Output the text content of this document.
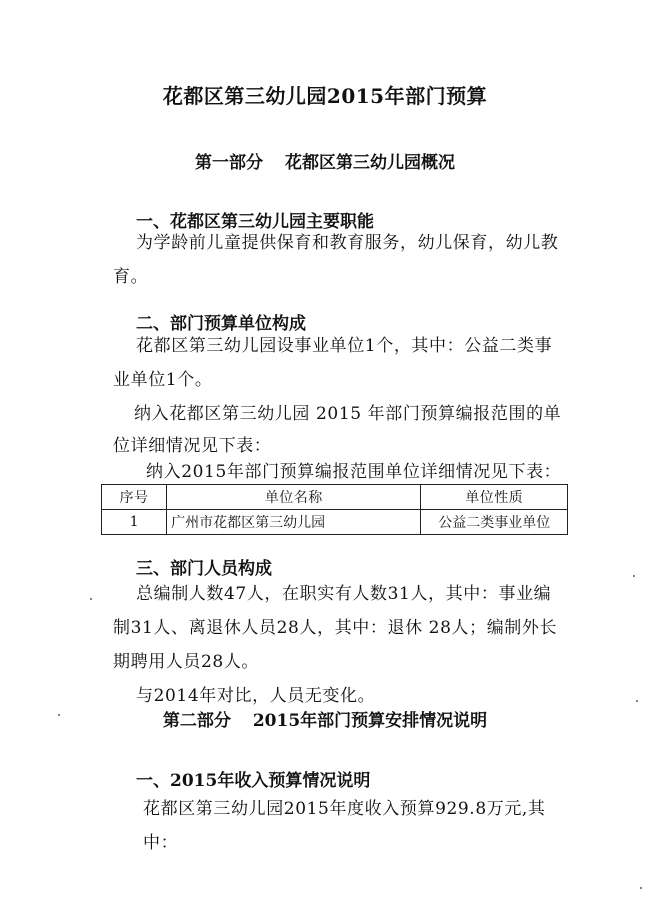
花都区第三幼儿园2015年部门预算
第一部分 花都区第三幼儿园概况
一、花都区第三幼儿园主要职能
为学龄前儿童提供保育和教育服务，幼儿保育，幼儿教
育。
二、部门预算单位构成
花都区第三幼儿园设事业单位1个，其中：公益二类事
业单位1个。
纳入花都区第三幼儿园 2015 年部门预算编报范围的单
位详细情况见下表：
纳入2015年部门预算编报范围单位详细情况见下表：
序号	单位名称	单位性质
1	广州市花都区第三幼儿园	公益二类事业单位
三、部门人员构成
总编制人数47人，在职实有人数31人，其中：事业编
制31人、离退休人员28人，其中：退休 28人；编制外长
期聘用人员28人。
与2014年对比，人员无变化。
第二部分 2015年部门预算安排情况说明
一、2015年收入预算情况说明
花都区第三幼儿园2015年度收入预算929.8万元,其中：
